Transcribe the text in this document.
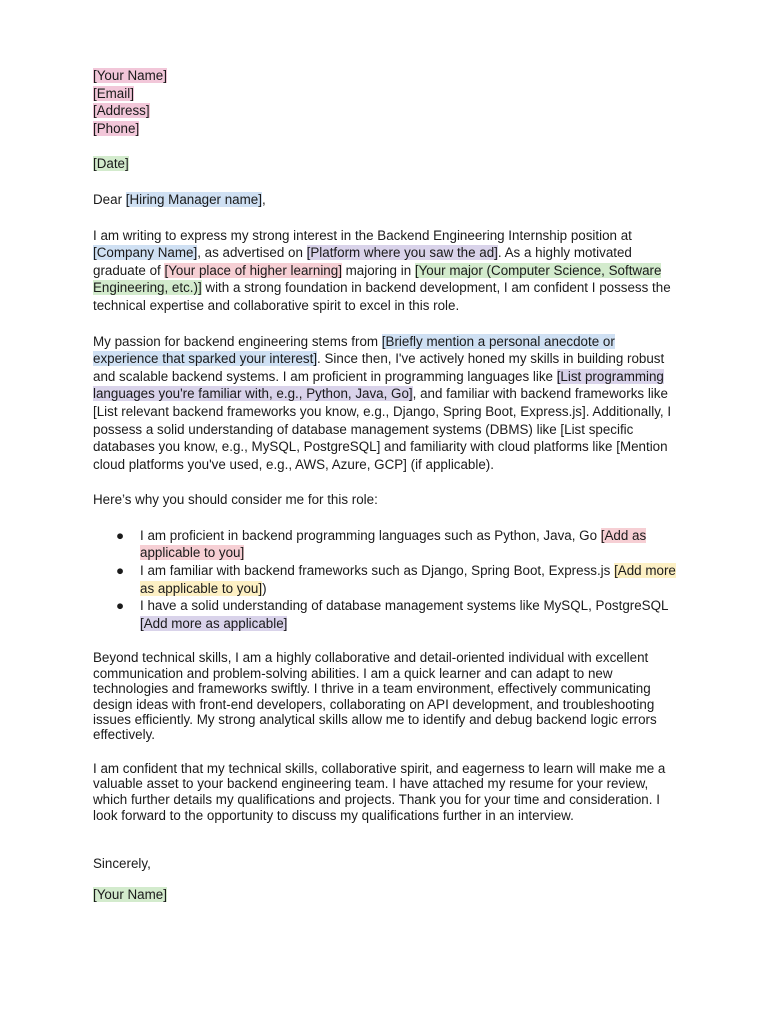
[Your Name]
[Email]
[Address]
[Phone]
[Date]

Dear [Hiring Manager name],

I am writing to express my strong interest in the Backend Engineering Internship position at [Company Name], as advertised on [Platform where you saw the ad]. As a highly motivated graduate of [Your place of higher learning] majoring in [Your major (Computer Science, Software Engineering, etc.)] with a strong foundation in backend development, I am confident I possess the technical expertise and collaborative spirit to excel in this role.

My passion for backend engineering stems from [Briefly mention a personal anecdote or experience that sparked your interest]. Since then, I've actively honed my skills in building robust and scalable backend systems. I am proficient in programming languages like [List programming languages you're familiar with, e.g., Python, Java, Go], and familiar with backend frameworks like [List relevant backend frameworks you know, e.g., Django, Spring Boot, Express.js]. Additionally, I possess a solid understanding of database management systems (DBMS) like [List specific databases you know, e.g., MySQL, PostgreSQL] and familiarity with cloud platforms like [Mention cloud platforms you've used, e.g., AWS, Azure, GCP] (if applicable).

Here’s why you should consider me for this role:

● I am proficient in backend programming languages such as Python, Java, Go [Add as applicable to you]
● I am familiar with backend frameworks such as Django, Spring Boot, Express.js [Add more as applicable to you])
● I have a solid understanding of database management systems like MySQL, PostgreSQL [Add more as applicable]

Beyond technical skills, I am a highly collaborative and detail-oriented individual with excellent communication and problem-solving abilities. I am a quick learner and can adapt to new technologies and frameworks swiftly. I thrive in a team environment, effectively communicating design ideas with front-end developers, collaborating on API development, and troubleshooting issues efficiently. My strong analytical skills allow me to identify and debug backend logic errors effectively.

I am confident that my technical skills, collaborative spirit, and eagerness to learn will make me a valuable asset to your backend engineering team. I have attached my resume for your review, which further details my qualifications and projects. Thank you for your time and consideration. I look forward to the opportunity to discuss my qualifications further in an interview.

Sincerely,

[Your Name]
